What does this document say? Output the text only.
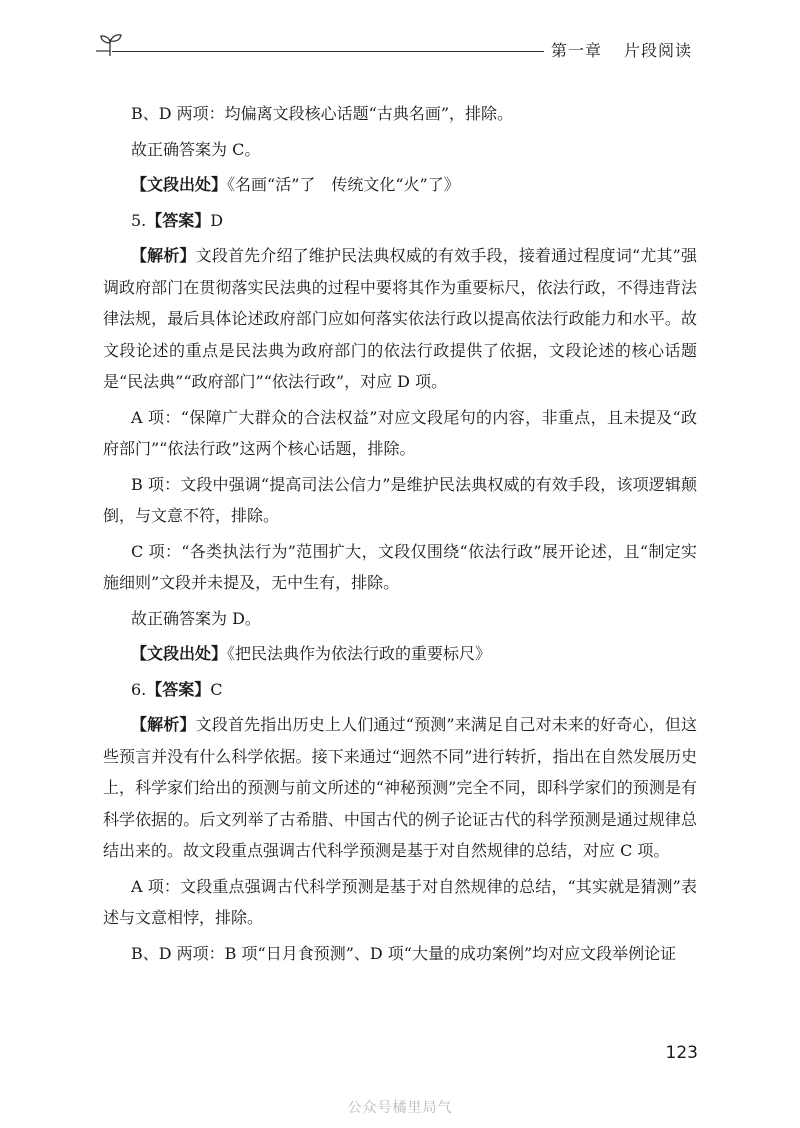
第一章 片段阅读

B、D 两项：均偏离文段核心话题“古典名画”，排除。

故正确答案为 C。

【文段出处】《名画“活”了　传统文化“火”了》

5.【答案】D

【解析】文段首先介绍了维护民法典权威的有效手段，接着通过程度词“尤其”强调政府部门在贯彻落实民法典的过程中要将其作为重要标尺，依法行政，不得违背法律法规，最后具体论述政府部门应如何落实依法行政以提高依法行政能力和水平。故文段论述的重点是民法典为政府部门的依法行政提供了依据，文段论述的核心话题是“民法典”“政府部门”“依法行政”，对应 D 项。

A 项：“保障广大群众的合法权益”对应文段尾句的内容，非重点，且未提及“政府部门”“依法行政”这两个核心话题，排除。

B 项：文段中强调“提高司法公信力”是维护民法典权威的有效手段，该项逻辑颠倒，与文意不符，排除。

C 项：“各类执法行为”范围扩大，文段仅围绕“依法行政”展开论述，且“制定实施细则”文段并未提及，无中生有，排除。

故正确答案为 D。

【文段出处】《把民法典作为依法行政的重要标尺》

6.【答案】C

【解析】文段首先指出历史上人们通过“预测”来满足自己对未来的好奇心，但这些预言并没有什么科学依据。接下来通过“迥然不同”进行转折，指出在自然发展历史上，科学家们给出的预测与前文所述的“神秘预测”完全不同，即科学家们的预测是有科学依据的。后文列举了古希腊、中国古代的例子论证古代的科学预测是通过规律总结出来的。故文段重点强调古代科学预测是基于对自然规律的总结，对应 C 项。

A 项：文段重点强调古代科学预测是基于对自然规律的总结，“其实就是猜测”表述与文意相悖，排除。

B、D 两项：B 项“日月食预测”、D 项“大量的成功案例”均对应文段举例论证

123
公众号橘里局气
